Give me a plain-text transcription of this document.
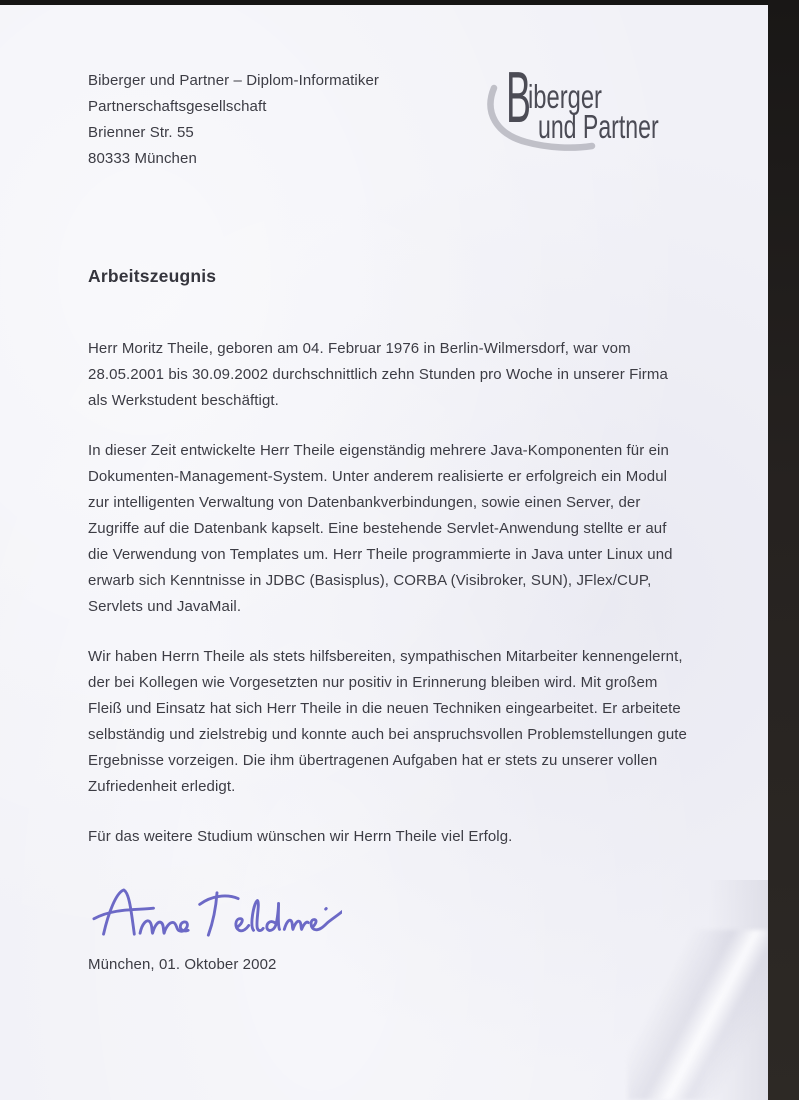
Biberger und Partner – Diplom-Informatiker
Partnerschaftsgesellschaft
Brienner Str. 55
80333 München
B
iberger
und Partner
Arbeitszeugnis

Herr Moritz Theile, geboren am 04. Februar 1976 in Berlin-Wilmersdorf, war vom 28.05.2001 bis 30.09.2002 durchschnittlich zehn Stunden pro Woche in unserer Firma als Werkstudent beschäftigt.

In dieser Zeit entwickelte Herr Theile eigenständig mehrere Java-Komponenten für ein Dokumenten-Management-System. Unter anderem realisierte er erfolgreich ein Modul zur intelligenten Verwaltung von Datenbankverbindungen, sowie einen Server, der Zugriffe auf die Datenbank kapselt. Eine bestehende Servlet-Anwendung stellte er auf die Verwendung von Templates um. Herr Theile programmierte in Java unter Linux und erwarb sich Kenntnisse in JDBC (Basisplus), CORBA (Visibroker, SUN), JFlex/CUP, Servlets und JavaMail.

Wir haben Herrn Theile als stets hilfsbereiten, sympathischen Mitarbeiter kennengelernt, der bei Kollegen wie Vorgesetzten nur positiv in Erinnerung bleiben wird. Mit großem Fleiß und Einsatz hat sich Herr Theile in die neuen Techniken eingearbeitet. Er arbeitete selbständig und zielstrebig und konnte auch bei anspruchsvollen Problemstellungen gute Ergebnisse vorzeigen. Die ihm übertragenen Aufgaben hat er stets zu unserer vollen Zufriedenheit erledigt.

Für das weitere Studium wünschen wir Herrn Theile viel Erfolg.

München, 01. Oktober 2002
